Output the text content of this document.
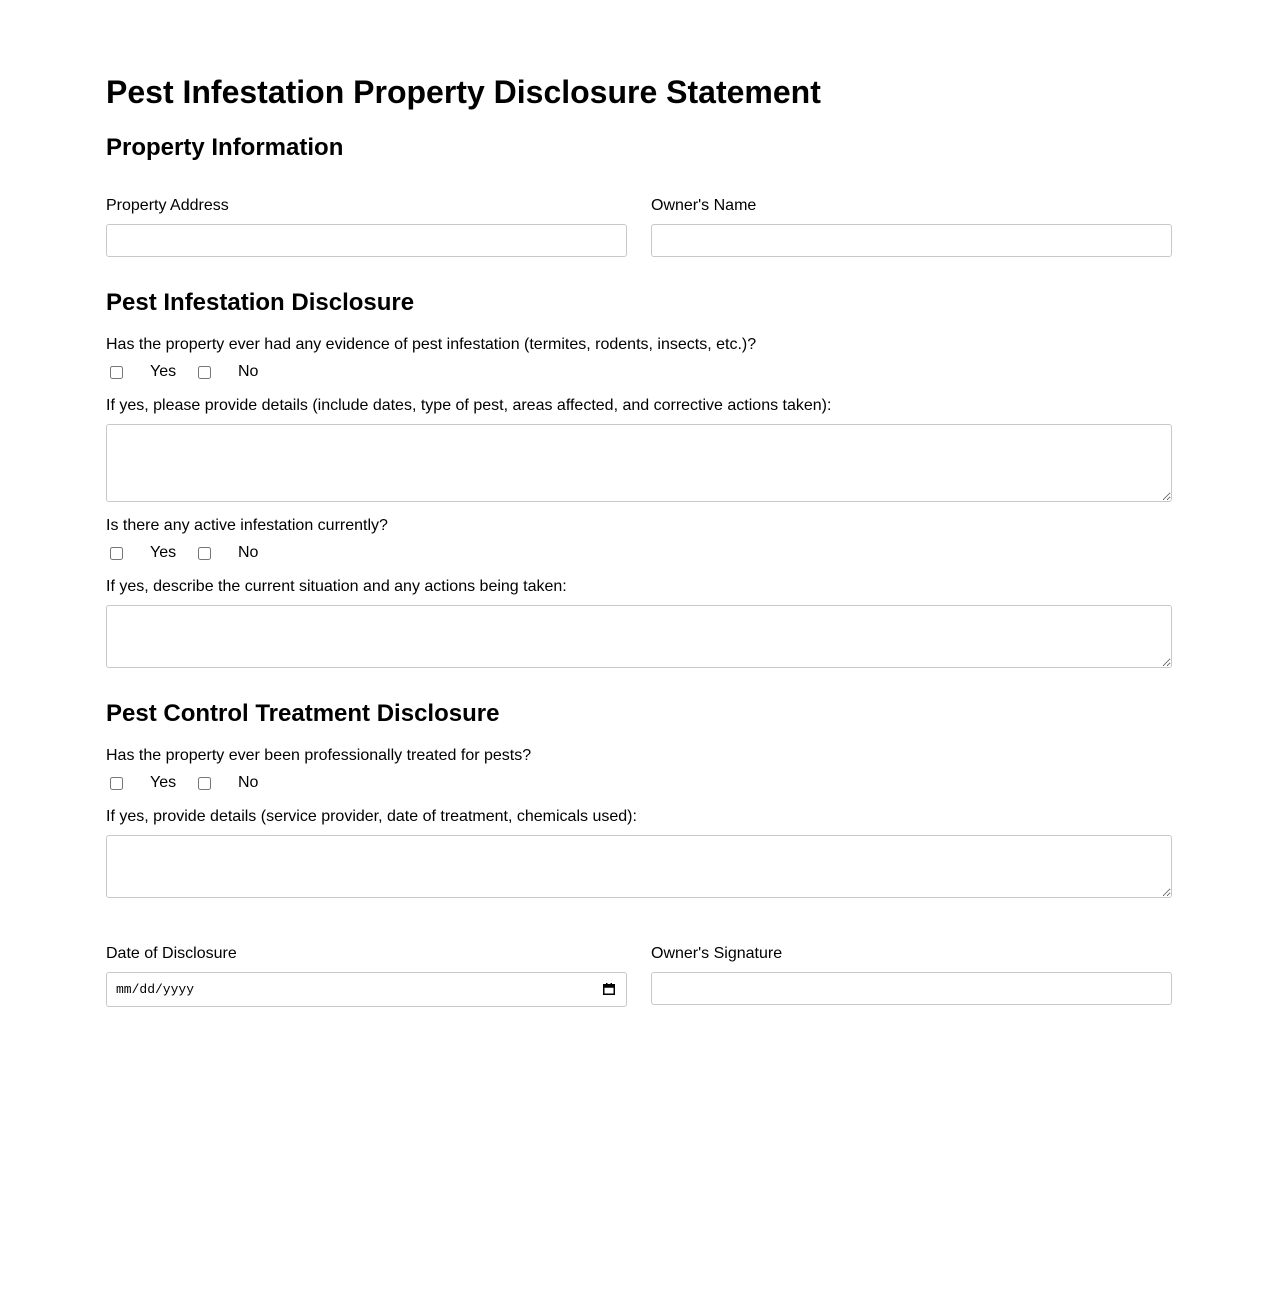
Pest Infestation Property Disclosure Statement
Property Information
Property Address	Owner's Name
Pest Infestation Disclosure
Has the property ever had any evidence of pest infestation (termites, rodents, insects, etc.)?
Yes	No
If yes, please provide details (include dates, type of pest, areas affected, and corrective actions taken):
Is there any active infestation currently?
Yes	No
If yes, describe the current situation and any actions being taken:
Pest Control Treatment Disclosure
Has the property ever been professionally treated for pests?
Yes	No
If yes, provide details (service provider, date of treatment, chemicals used):
Date of Disclosure
mm/dd/yyyy
Owner's Signature
